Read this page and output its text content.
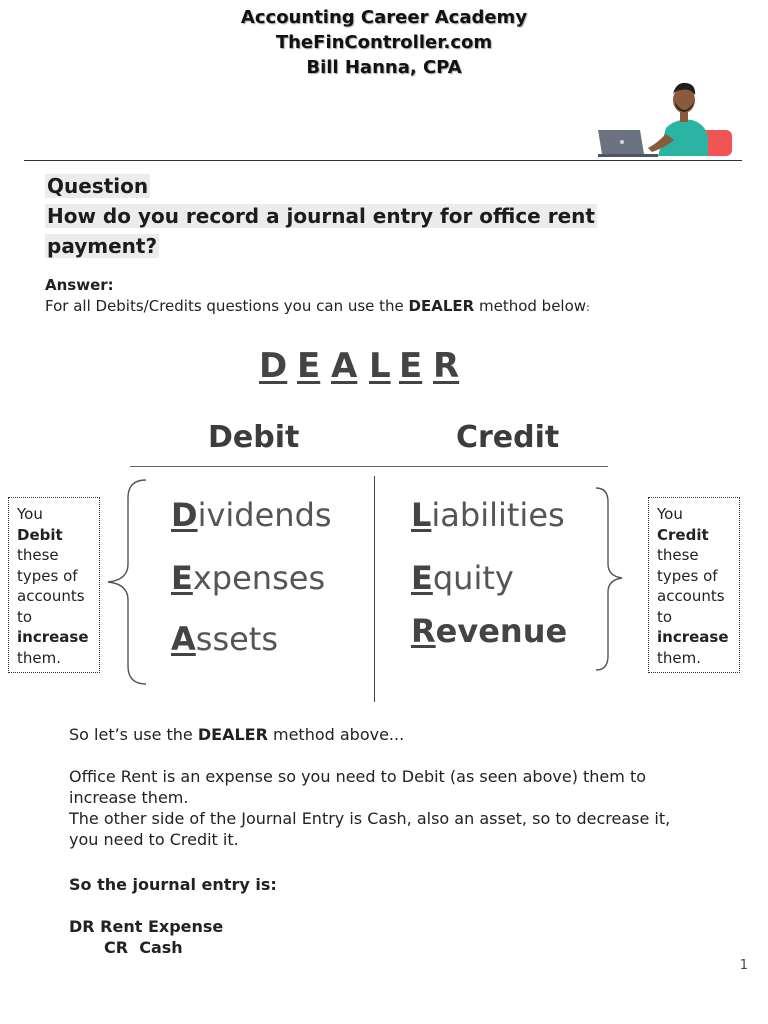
Accounting Career Academy
TheFinController.com
Bill Hanna, CPA
Question
How do you record a journal entry for office rent
payment?
Answer:
For all Debits/Credits questions you can use the DEALER method below:
D E A L E R
Debit	Credit
Dividends
Expenses
Assets
Liabilities
Equity
Revenue
You
Debit
these
types of
accounts
to
increase
them.
You
Credit
these
types of
accounts
to
increase
them.
So let’s use the DEALER method above...
Office Rent is an expense so you need to Debit (as seen above) them to
increase them.
The other side of the Journal Entry is Cash, also an asset, so to decrease it,
you need to Credit it.
So the journal entry is:
DR Rent Expense
CR  Cash
1
